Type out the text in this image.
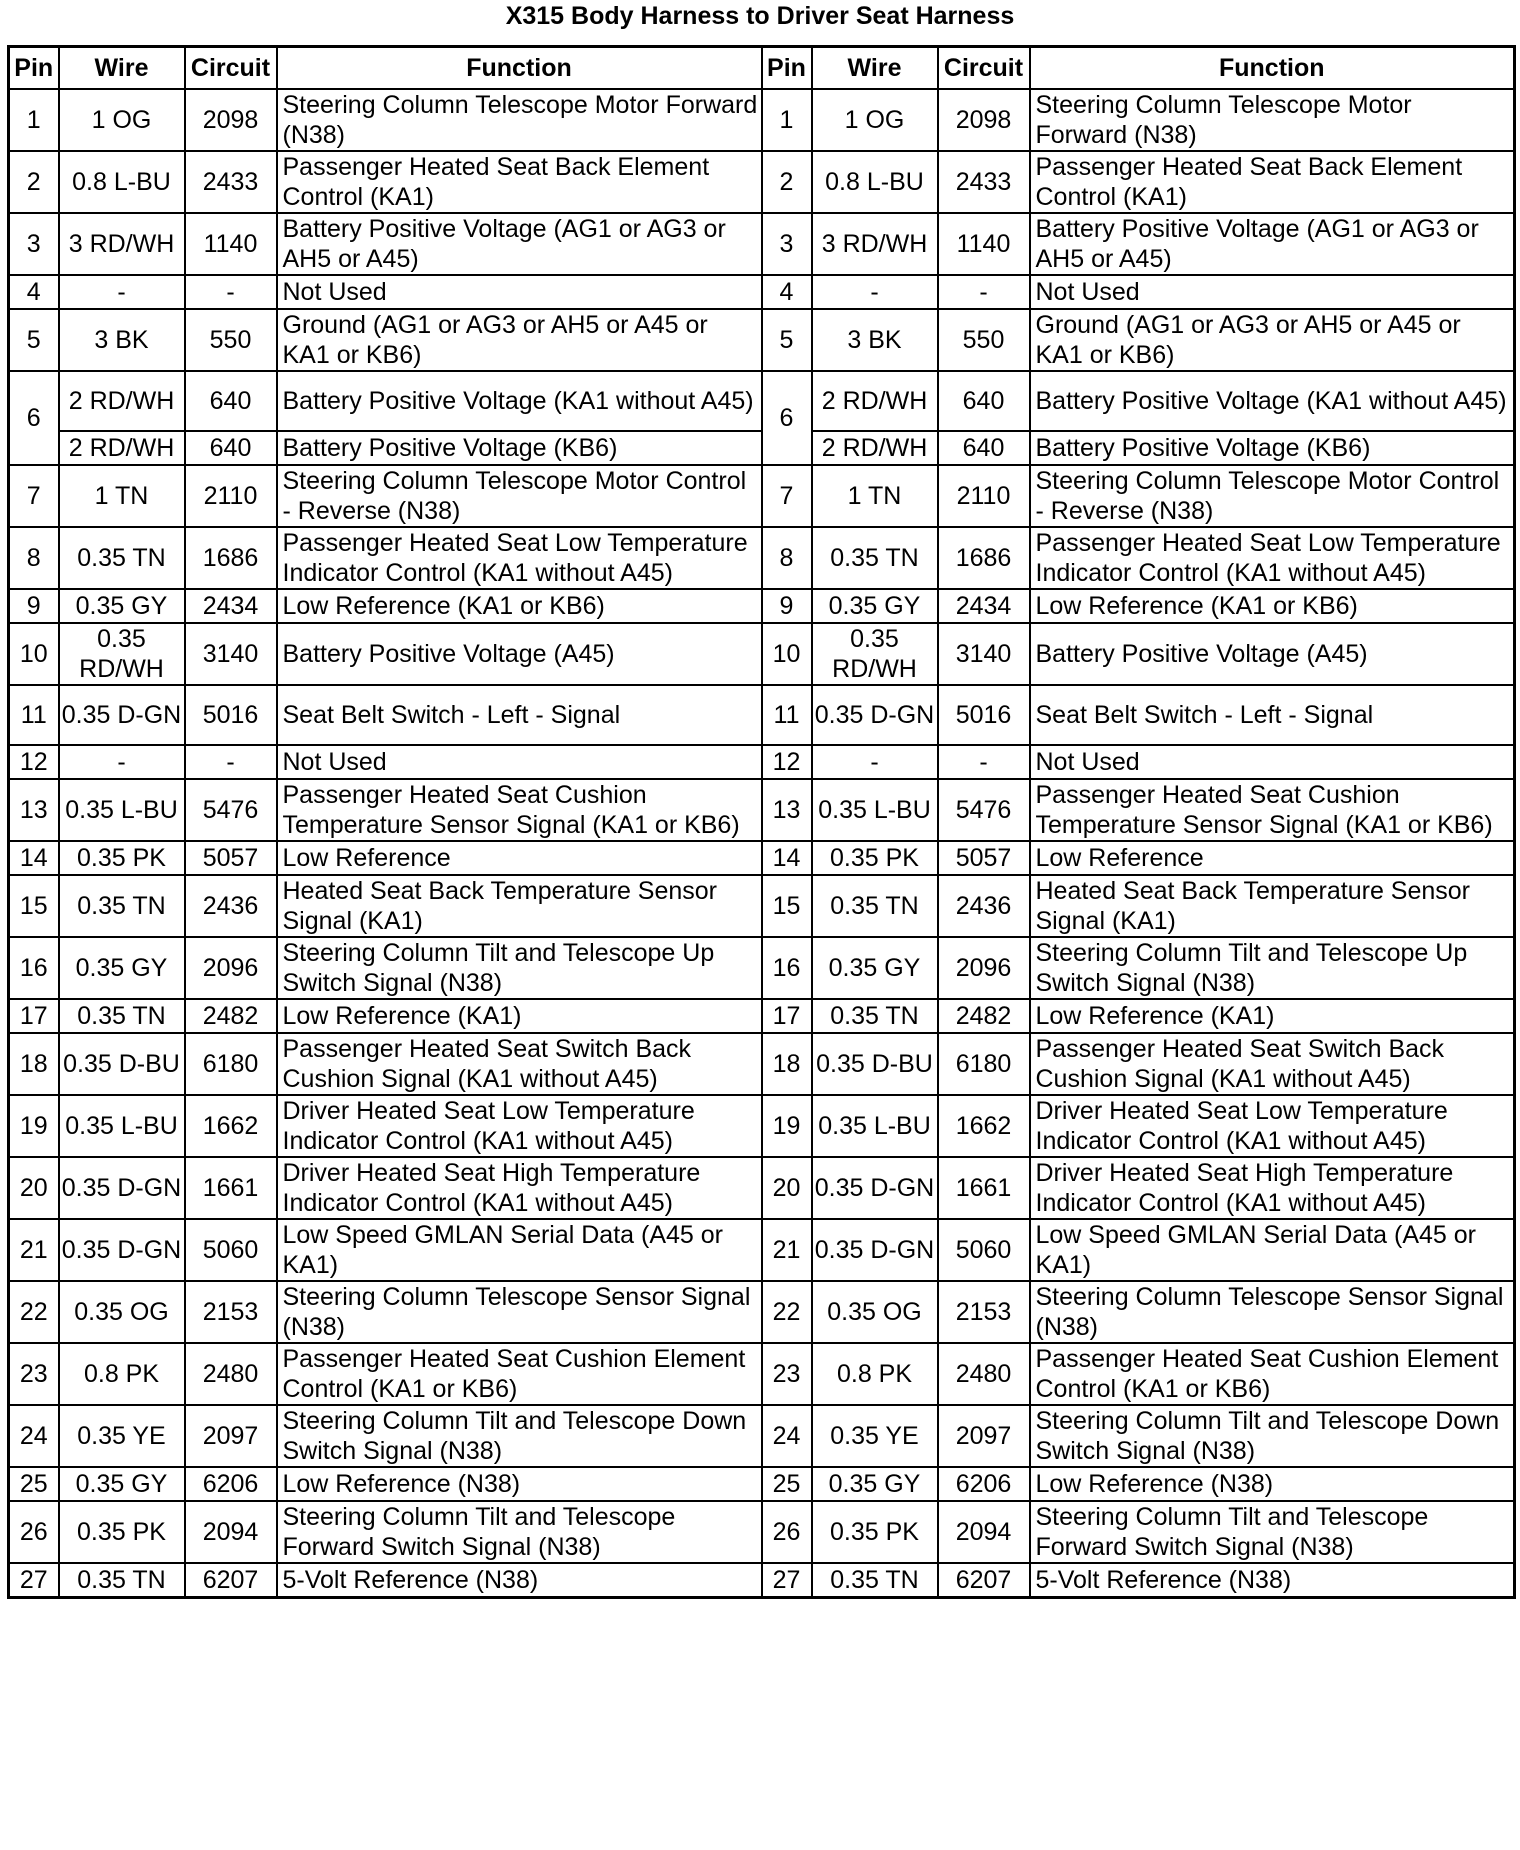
X315 Body Harness to Driver Seat Harness
Pin	Wire	Circuit	Function	Pin	Wire	Circuit	Function
1	1 OG	2098	Steering Column Telescope Motor Forward (N38)	1	1 OG	2098	Steering Column Telescope Motor Forward (N38)
2	0.8 L-BU	2433	Passenger Heated Seat Back Element Control (KA1)	2	0.8 L-BU	2433	Passenger Heated Seat Back Element Control (KA1)
3	3 RD/WH	1140	Battery Positive Voltage (AG1 or AG3 or AH5 or A45)	3	3 RD/WH	1140	Battery Positive Voltage (AG1 or AG3 or AH5 or A45)
4	-	-	Not Used	4	-	-	Not Used
5	3 BK	550	Ground (AG1 or AG3 or AH5 or A45 or KA1 or KB6)	5	3 BK	550	Ground (AG1 or AG3 or AH5 or A45 or KA1 or KB6)
6	2 RD/WH	640	Battery Positive Voltage (KA1 without A45)	6	2 RD/WH	640	Battery Positive Voltage (KA1 without A45)
	2 RD/WH	640	Battery Positive Voltage (KB6)		2 RD/WH	640	Battery Positive Voltage (KB6)
7	1 TN	2110	Steering Column Telescope Motor Control - Reverse (N38)	7	1 TN	2110	Steering Column Telescope Motor Control - Reverse (N38)
8	0.35 TN	1686	Passenger Heated Seat Low Temperature Indicator Control (KA1 without A45)	8	0.35 TN	1686	Passenger Heated Seat Low Temperature Indicator Control (KA1 without A45)
9	0.35 GY	2434	Low Reference (KA1 or KB6)	9	0.35 GY	2434	Low Reference (KA1 or KB6)
10	0.35 RD/WH	3140	Battery Positive Voltage (A45)	10	0.35 RD/WH	3140	Battery Positive Voltage (A45)
11	0.35 D-GN	5016	Seat Belt Switch - Left - Signal	11	0.35 D-GN	5016	Seat Belt Switch - Left - Signal
12	-	-	Not Used	12	-	-	Not Used
13	0.35 L-BU	5476	Passenger Heated Seat Cushion Temperature Sensor Signal (KA1 or KB6)	13	0.35 L-BU	5476	Passenger Heated Seat Cushion Temperature Sensor Signal (KA1 or KB6)
14	0.35 PK	5057	Low Reference	14	0.35 PK	5057	Low Reference
15	0.35 TN	2436	Heated Seat Back Temperature Sensor Signal (KA1)	15	0.35 TN	2436	Heated Seat Back Temperature Sensor Signal (KA1)
16	0.35 GY	2096	Steering Column Tilt and Telescope Up Switch Signal (N38)	16	0.35 GY	2096	Steering Column Tilt and Telescope Up Switch Signal (N38)
17	0.35 TN	2482	Low Reference (KA1)	17	0.35 TN	2482	Low Reference (KA1)
18	0.35 D-BU	6180	Passenger Heated Seat Switch Back Cushion Signal (KA1 without A45)	18	0.35 D-BU	6180	Passenger Heated Seat Switch Back Cushion Signal (KA1 without A45)
19	0.35 L-BU	1662	Driver Heated Seat Low Temperature Indicator Control (KA1 without A45)	19	0.35 L-BU	1662	Driver Heated Seat Low Temperature Indicator Control (KA1 without A45)
20	0.35 D-GN	1661	Driver Heated Seat High Temperature Indicator Control (KA1 without A45)	20	0.35 D-GN	1661	Driver Heated Seat High Temperature Indicator Control (KA1 without A45)
21	0.35 D-GN	5060	Low Speed GMLAN Serial Data (A45 or KA1)	21	0.35 D-GN	5060	Low Speed GMLAN Serial Data (A45 or KA1)
22	0.35 OG	2153	Steering Column Telescope Sensor Signal (N38)	22	0.35 OG	2153	Steering Column Telescope Sensor Signal (N38)
23	0.8 PK	2480	Passenger Heated Seat Cushion Element Control (KA1 or KB6)	23	0.8 PK	2480	Passenger Heated Seat Cushion Element Control (KA1 or KB6)
24	0.35 YE	2097	Steering Column Tilt and Telescope Down Switch Signal (N38)	24	0.35 YE	2097	Steering Column Tilt and Telescope Down Switch Signal (N38)
25	0.35 GY	6206	Low Reference (N38)	25	0.35 GY	6206	Low Reference (N38)
26	0.35 PK	2094	Steering Column Tilt and Telescope Forward Switch Signal (N38)	26	0.35 PK	2094	Steering Column Tilt and Telescope Forward Switch Signal (N38)
27	0.35 TN	6207	5-Volt Reference (N38)	27	0.35 TN	6207	5-Volt Reference (N38)
